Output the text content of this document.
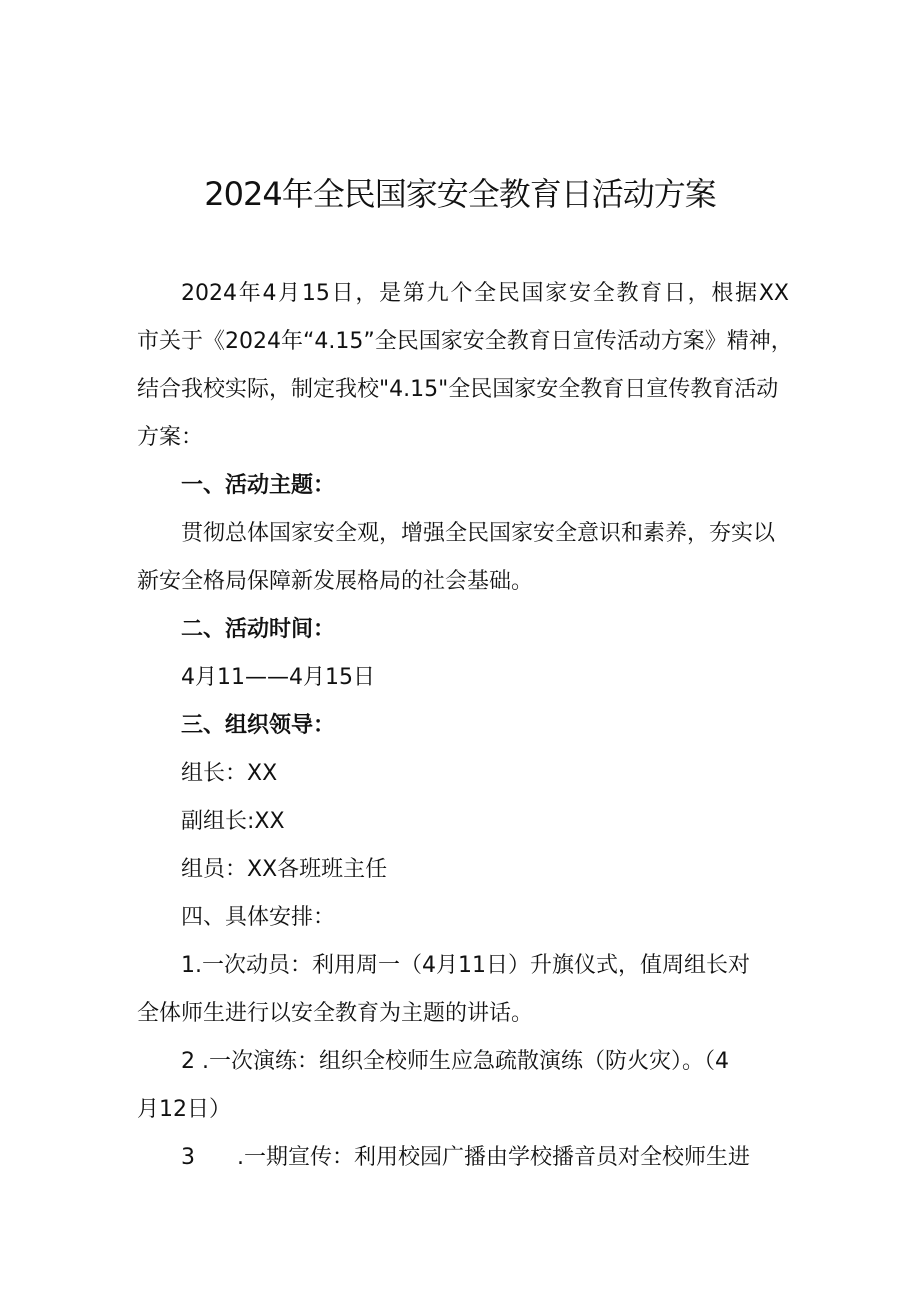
2024年全民国家安全教育日活动方案

2024年4月15日，是第九个全民国家安全教育日，根据XX
市关于《2024年“4.15”全民国家安全教育日宣传活动方案》精神，
结合我校实际，制定我校"4.15"全民国家安全教育日宣传教育活动
方案：

一、活动主题：

贯彻总体国家安全观，增强全民国家安全意识和素养，夯实以
新安全格局保障新发展格局的社会基础。

二、活动时间：

4月11——4月15日

三、组织领导：

组长：XX

副组长:XX

组员：XX各班班主任

四、具体安排：

1.一次动员：利用周一（4月11日）升旗仪式，值周组长对
全体师生进行以安全教育为主题的讲话。

2 .一次演练：组织全校师生应急疏散演练（防火灾）。（4
月12日）

3      .一期宣传：利用校园广播由学校播音员对全校师生进
